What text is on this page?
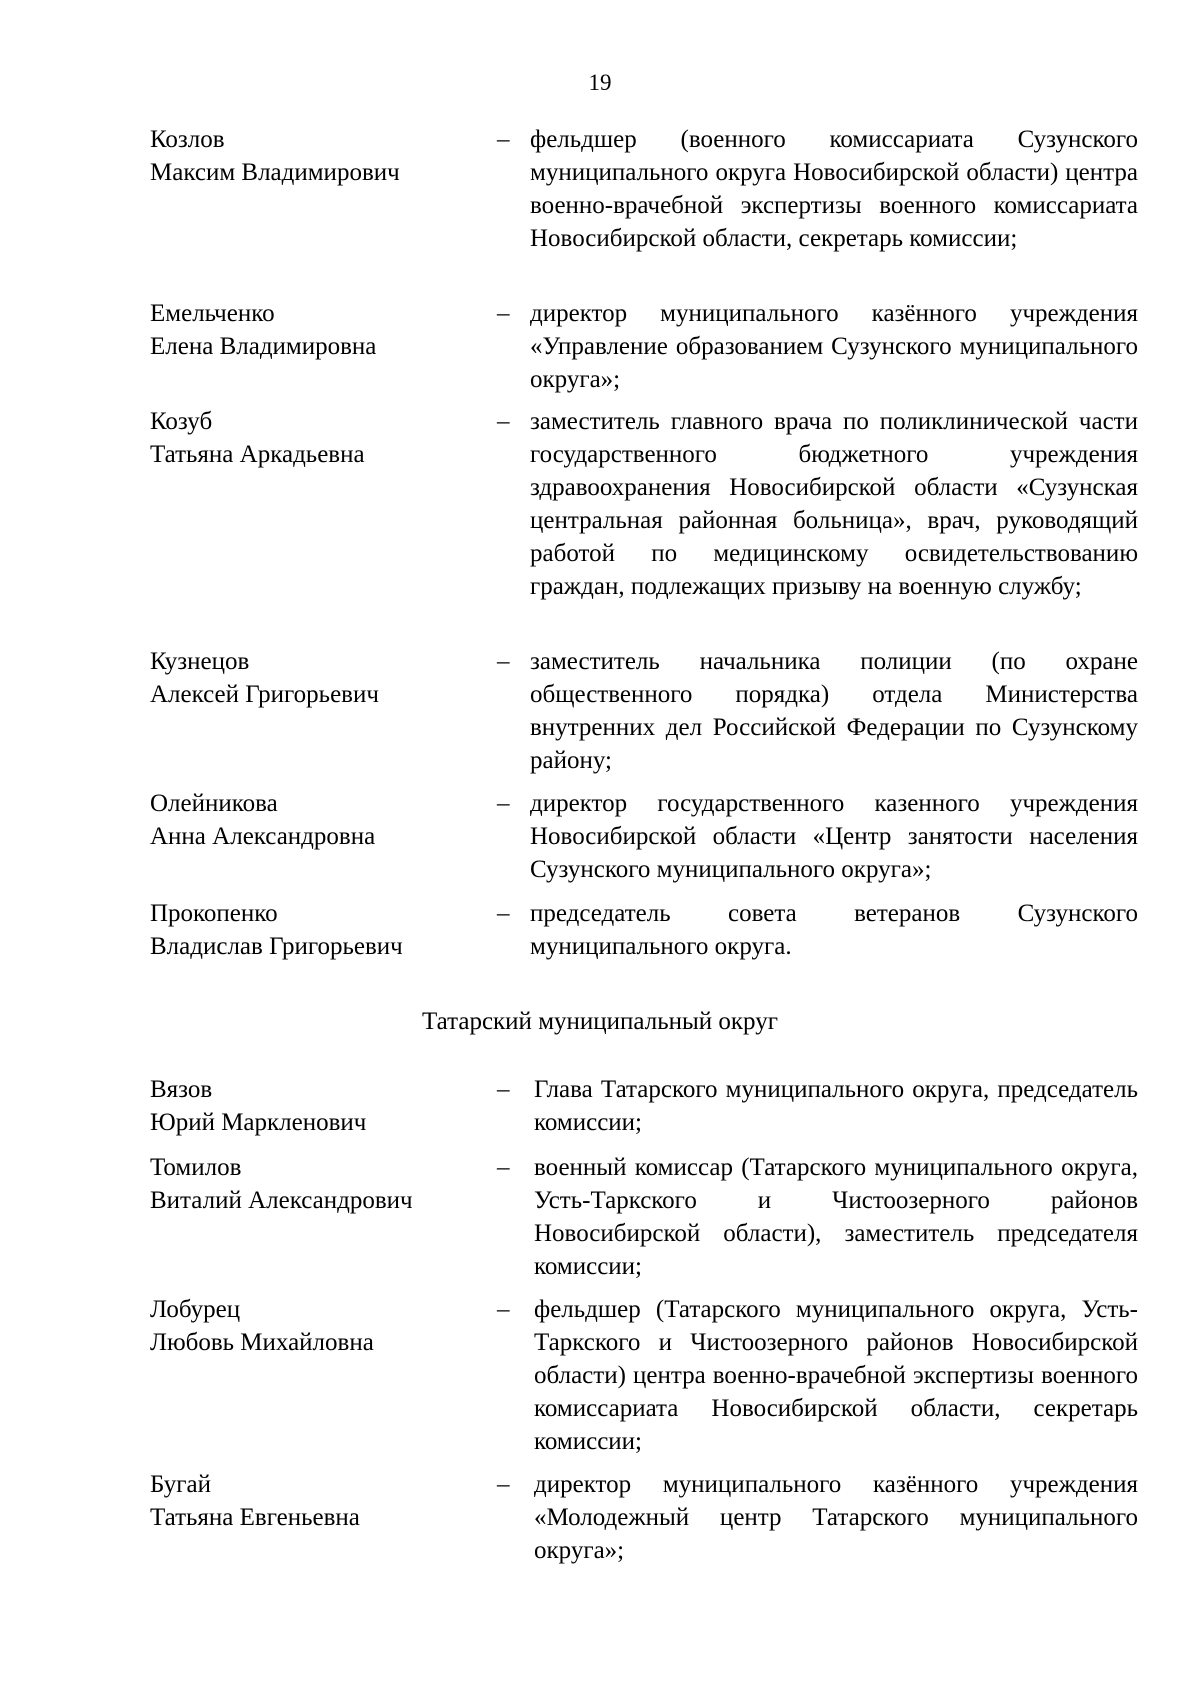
19
Козлов
Максим Владимирович
– фельдшер (военного комиссариата Сузунского муниципального округа Новосибирской области) центра военно-врачебной экспертизы военного комиссариата Новосибирской области, секретарь комиссии;
Емельченко
Елена Владимировна
– директор муниципального казённого учреждения «Управление образованием Сузунского муниципального округа»;
Козуб
Татьяна Аркадьевна
– заместитель главного врача по поликлинической части государственного бюджетного учреждения здравоохранения Новосибирской области «Сузунская центральная районная больница», врач, руководящий работой по медицинскому освидетельствованию граждан, подлежащих призыву на военную службу;
Кузнецов
Алексей Григорьевич
– заместитель начальника полиции (по охране общественного порядка) отдела Министерства внутренних дел Российской Федерации по Сузунскому району;
Олейникова
Анна Александровна
– директор государственного казенного учреждения Новосибирской области «Центр занятости населения Сузунского муниципального округа»;
Прокопенко
Владислав Григорьевич
– председатель совета ветеранов Сузунского муниципального округа.
Татарский муниципальный округ
Вязов
Юрий Маркленович
– Глава Татарского муниципального округа, председатель комиссии;
Томилов
Виталий Александрович
– военный комиссар (Татарского муниципального округа, Усть-Таркского и Чистоозерного районов Новосибирской области), заместитель председателя комиссии;
Лобурец
Любовь Михайловна
– фельдшер (Татарского муниципального округа, Усть-Таркского и Чистоозерного районов Новосибирской области) центра военно-врачебной экспертизы военного комиссариата Новосибирской области, секретарь комиссии;
Бугай
Татьяна Евгеньевна
– директор муниципального казённого учреждения «Молодежный центр Татарского муниципального округа»;
